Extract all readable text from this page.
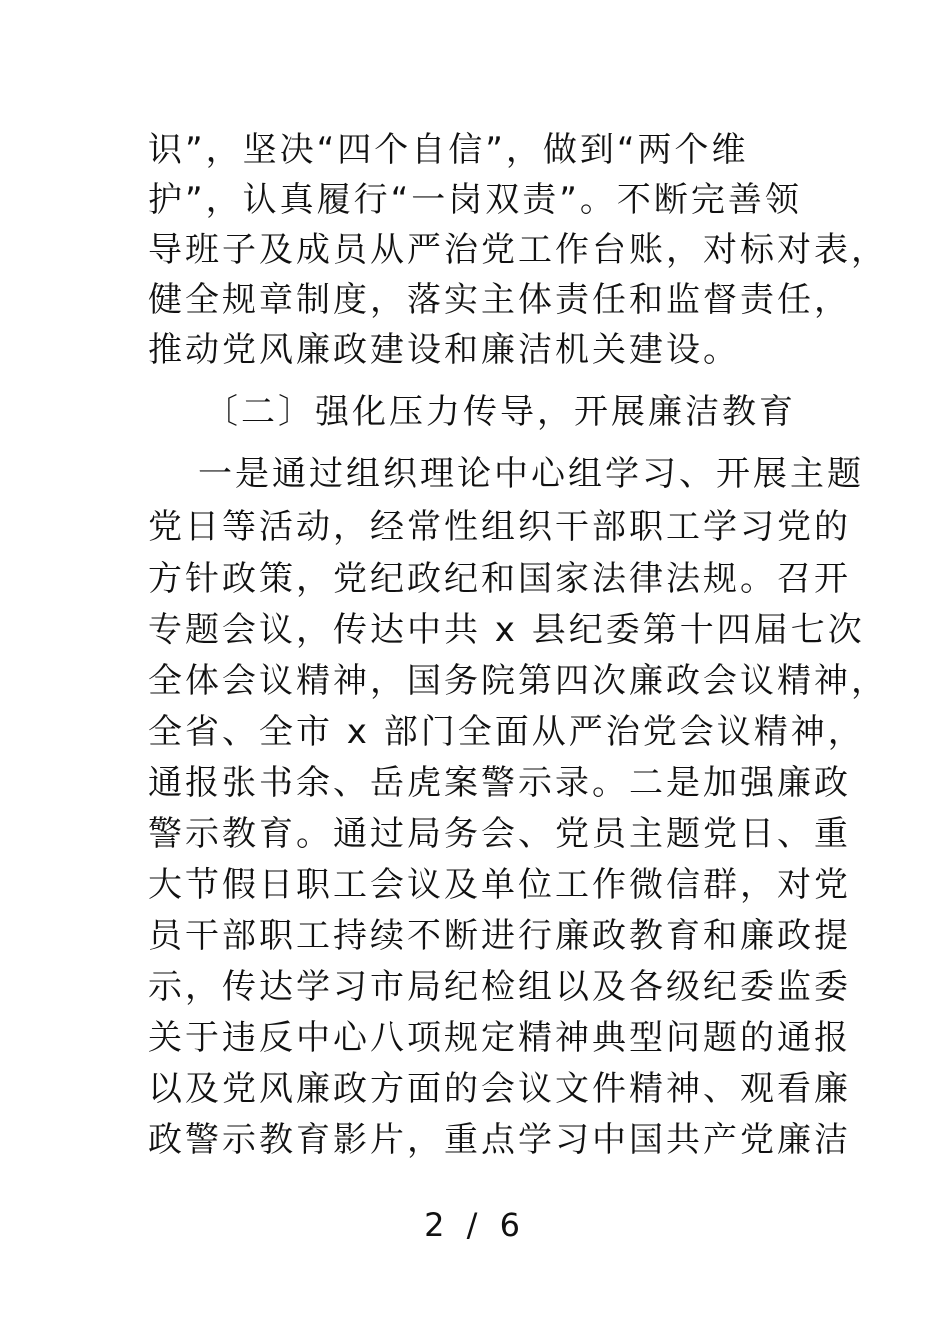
识”，坚决“四个自信”，做到“两个维
护”，认真履行“一岗双责”。不断完善领
导班子及成员从严治党工作台账，对标对表，
健全规章制度，落实主体责任和监督责任，
推动党风廉政建设和廉洁机关建设。
〔二〕强化压力传导，开展廉洁教育
一是通过组织理论中心组学习、开展主题
党日等活动，经常性组织干部职工学习党的
方针政策，党纪政纪和国家法律法规。召开
专题会议，传达中共 x 县纪委第十四届七次
全体会议精神，国务院第四次廉政会议精神，
全省、全市 x 部门全面从严治党会议精神，
通报张书余、岳虎案警示录。二是加强廉政
警示教育。通过局务会、党员主题党日、重
大节假日职工会议及单位工作微信群，对党
员干部职工持续不断进行廉政教育和廉政提
示，传达学习市局纪检组以及各级纪委监委
关于违反中心八项规定精神典型问题的通报
以及党风廉政方面的会议文件精神、观看廉
政警示教育影片，重点学习中国共产党廉洁
2 / 6
